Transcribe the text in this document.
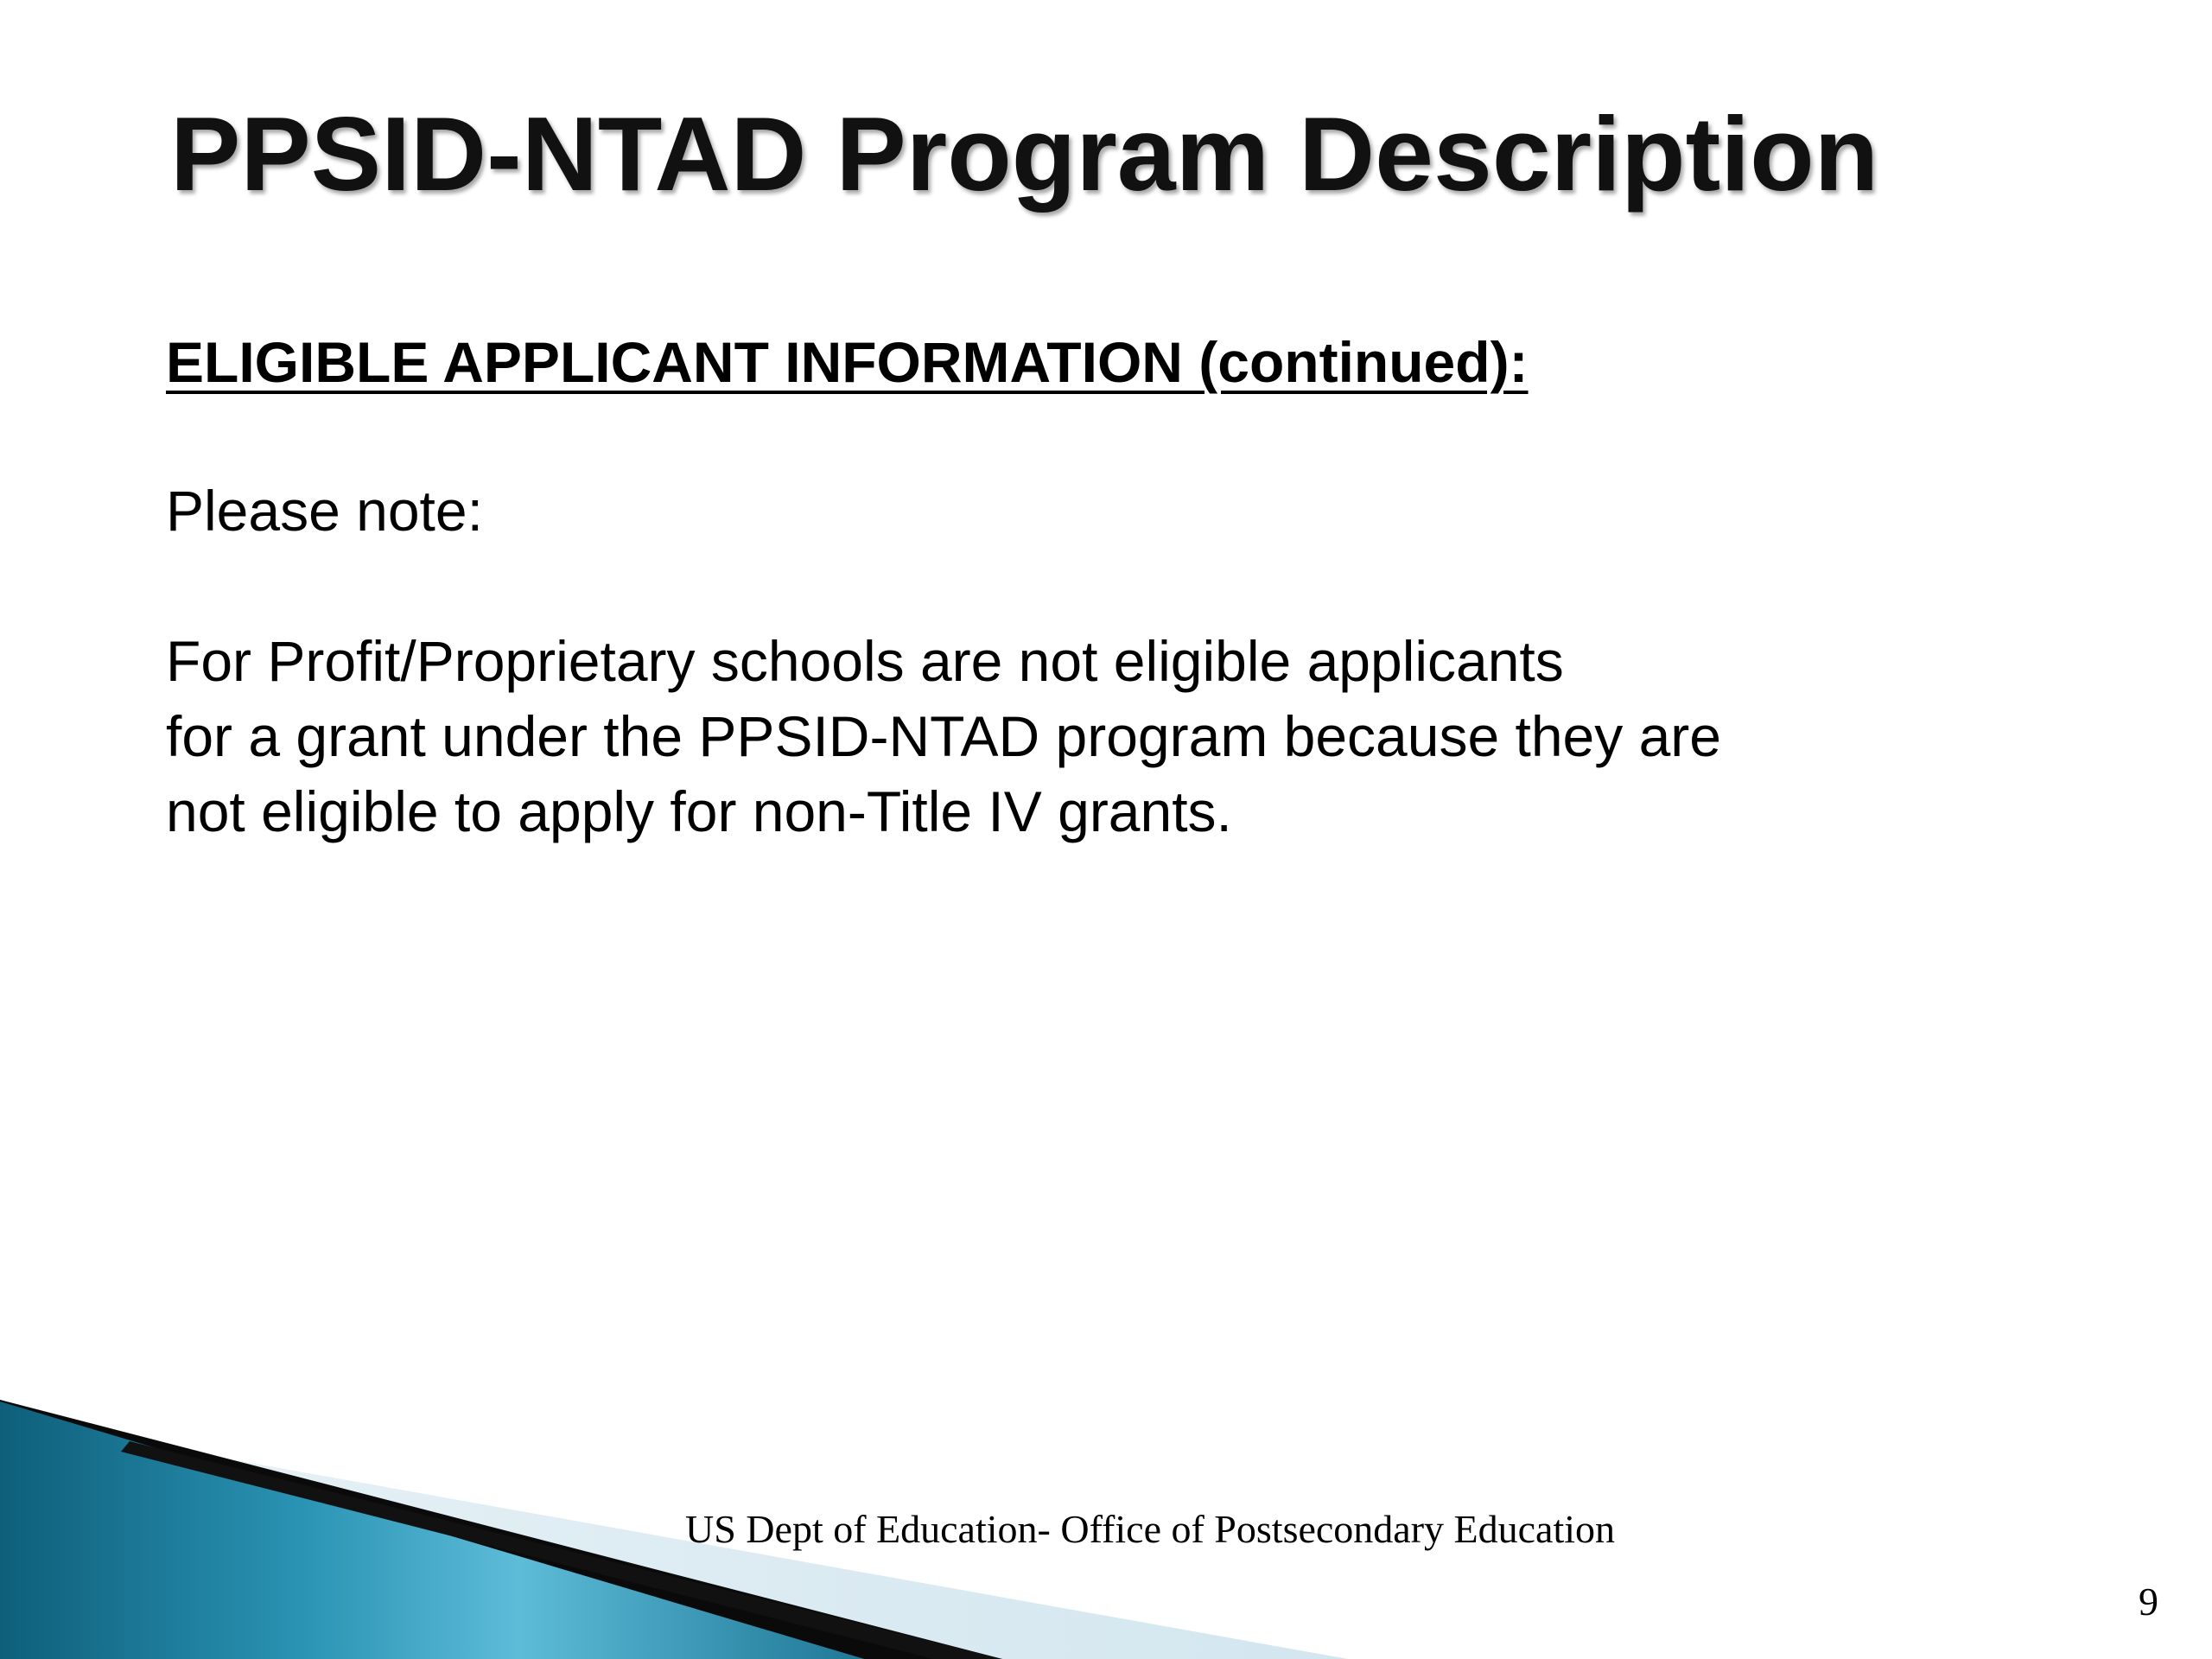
PPSID-NTAD Program Description
ELIGIBLE APPLICANT INFORMATION (continued):

Please note:

For Profit/Proprietary schools are not eligible applicants
for a grant under the PPSID-NTAD program because they are
not eligible to apply for non-Title IV grants.

US Dept of Education- Office of Postsecondary Education
9
